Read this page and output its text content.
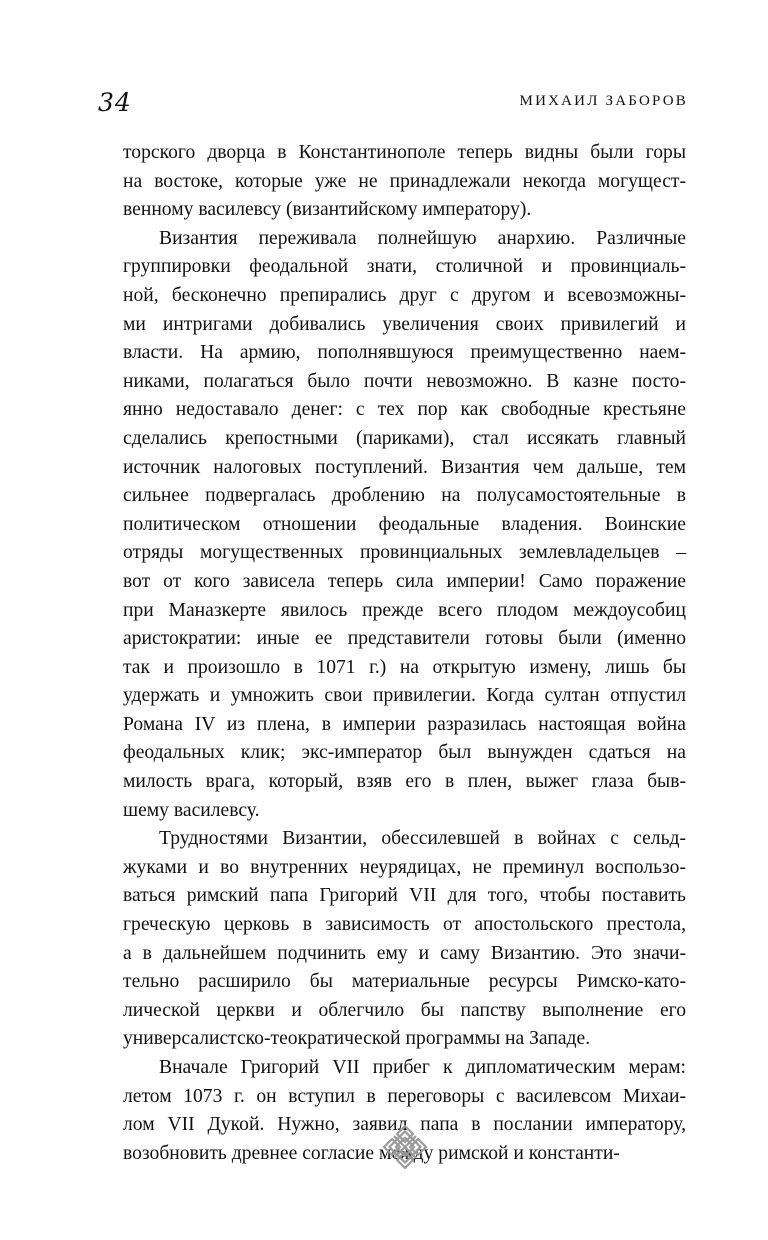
34	МИХАИЛ ЗАБОРОВ
торского дворца в Константинополе теперь видны были горы
на востоке, которые уже не принадлежали некогда могущест-
венному василевсу (византийскому императору).
Византия переживала полнейшую анархию. Различные
группировки феодальной знати, столичной и провинциаль-
ной, бесконечно препирались друг с другом и всевозможны-
ми интригами добивались увеличения своих привилегий и
власти. На армию, пополнявшуюся преимущественно наем-
никами, полагаться было почти невозможно. В казне посто-
янно недоставало денег: с тех пор как свободные крестьяне
сделались крепостными (париками), стал иссякать главный
источник налоговых поступлений. Византия чем дальше, тем
сильнее подвергалась дроблению на полусамостоятельные в
политическом отношении феодальные владения. Воинские
отряды могущественных провинциальных землевладельцев –
вот от кого зависела теперь сила империи! Само поражение
при Маназкерте явилось прежде всего плодом междоусобиц
аристократии: иные ее представители готовы были (именно
так и произошло в 1071 г.) на открытую измену, лишь бы
удержать и умножить свои привилегии. Когда султан отпустил
Романа IV из плена, в империи разразилась настоящая война
феодальных клик; экс-император был вынужден сдаться на
милость врага, который, взяв его в плен, выжег глаза быв-
шему василевсу.
Трудностями Византии, обессилевшей в войнах с сельд-
жуками и во внутренних неурядицах, не преминул воспользо-
ваться римский папа Григорий VII для того, чтобы поставить
греческую церковь в зависимость от апостольского престола,
а в дальнейшем подчинить ему и саму Византию. Это значи-
тельно расширило бы материальные ресурсы Римско-като-
лической церкви и облегчило бы папству выполнение его
универсалистско-теократической программы на Западе.
Вначале Григорий VII прибег к дипломатическим мерам:
летом 1073 г. он вступил в переговоры с василевсом Михаи-
лом VII Дукой. Нужно, заявил папа в послании императору,
возобновить древнее согласие между римской и константи-
